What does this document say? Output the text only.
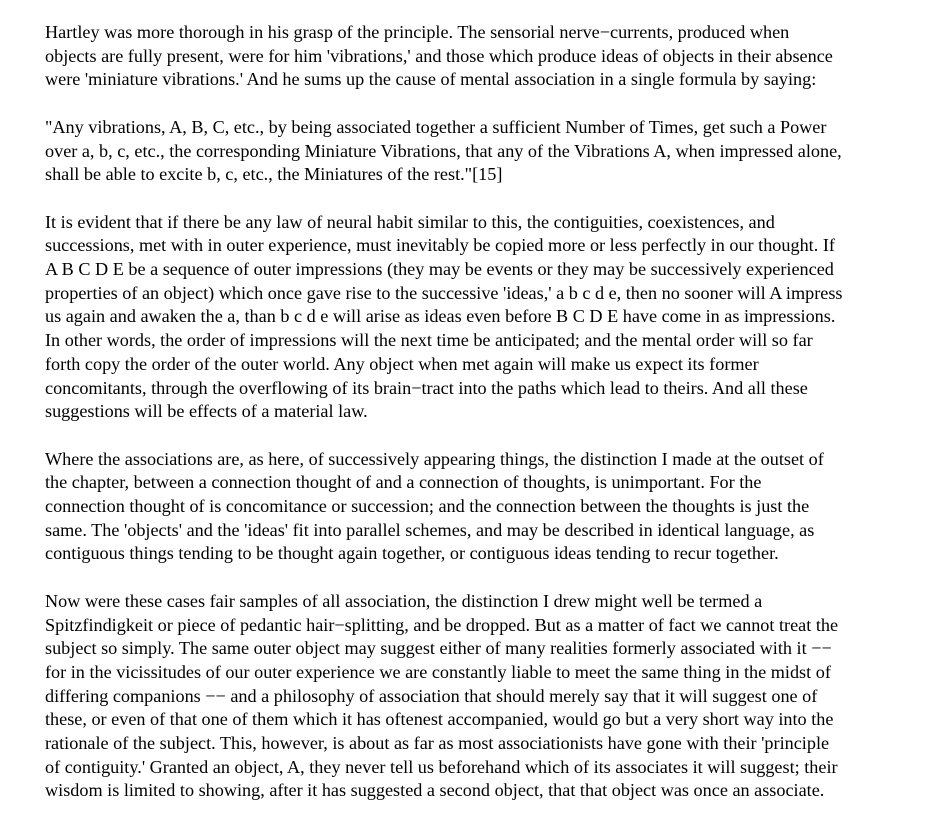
Hartley was more thorough in his grasp of the principle. The sensorial nerve−currents, produced when
objects are fully present, were for him 'vibrations,' and those which produce ideas of objects in their absence
were 'miniature vibrations.' And he sums up the cause of mental association in a single formula by saying:

"Any vibrations, A, B, C, etc., by being associated together a sufficient Number of Times, get such a Power
over a, b, c, etc., the corresponding Miniature Vibrations, that any of the Vibrations A, when impressed alone,
shall be able to excite b, c, etc., the Miniatures of the rest."[15]

It is evident that if there be any law of neural habit similar to this, the contiguities, coexistences, and
successions, met with in outer experience, must inevitably be copied more or less perfectly in our thought. If
A B C D E be a sequence of outer impressions (they may be events or they may be successively experienced
properties of an object) which once gave rise to the successive 'ideas,' a b c d e, then no sooner will A impress
us again and awaken the a, than b c d e will arise as ideas even before B C D E have come in as impressions.
In other words, the order of impressions will the next time be anticipated; and the mental order will so far
forth copy the order of the outer world. Any object when met again will make us expect its former
concomitants, through the overflowing of its brain−tract into the paths which lead to theirs. And all these
suggestions will be effects of a material law.

Where the associations are, as here, of successively appearing things, the distinction I made at the outset of
the chapter, between a connection thought of and a connection of thoughts, is unimportant. For the
connection thought of is concomitance or succession; and the connection between the thoughts is just the
same. The 'objects' and the 'ideas' fit into parallel schemes, and may be described in identical language, as
contiguous things tending to be thought again together, or contiguous ideas tending to recur together.

Now were these cases fair samples of all association, the distinction I drew might well be termed a
Spitzfindigkeit or piece of pedantic hair−splitting, and be dropped. But as a matter of fact we cannot treat the
subject so simply. The same outer object may suggest either of many realities formerly associated with it −−
for in the vicissitudes of our outer experience we are constantly liable to meet the same thing in the midst of
differing companions −− and a philosophy of association that should merely say that it will suggest one of
these, or even of that one of them which it has oftenest accompanied, would go but a very short way into the
rationale of the subject. This, however, is about as far as most associationists have gone with their 'principle
of contiguity.' Granted an object, A, they never tell us beforehand which of its associates it will suggest; their
wisdom is limited to showing, after it has suggested a second object, that that object was once an associate.
